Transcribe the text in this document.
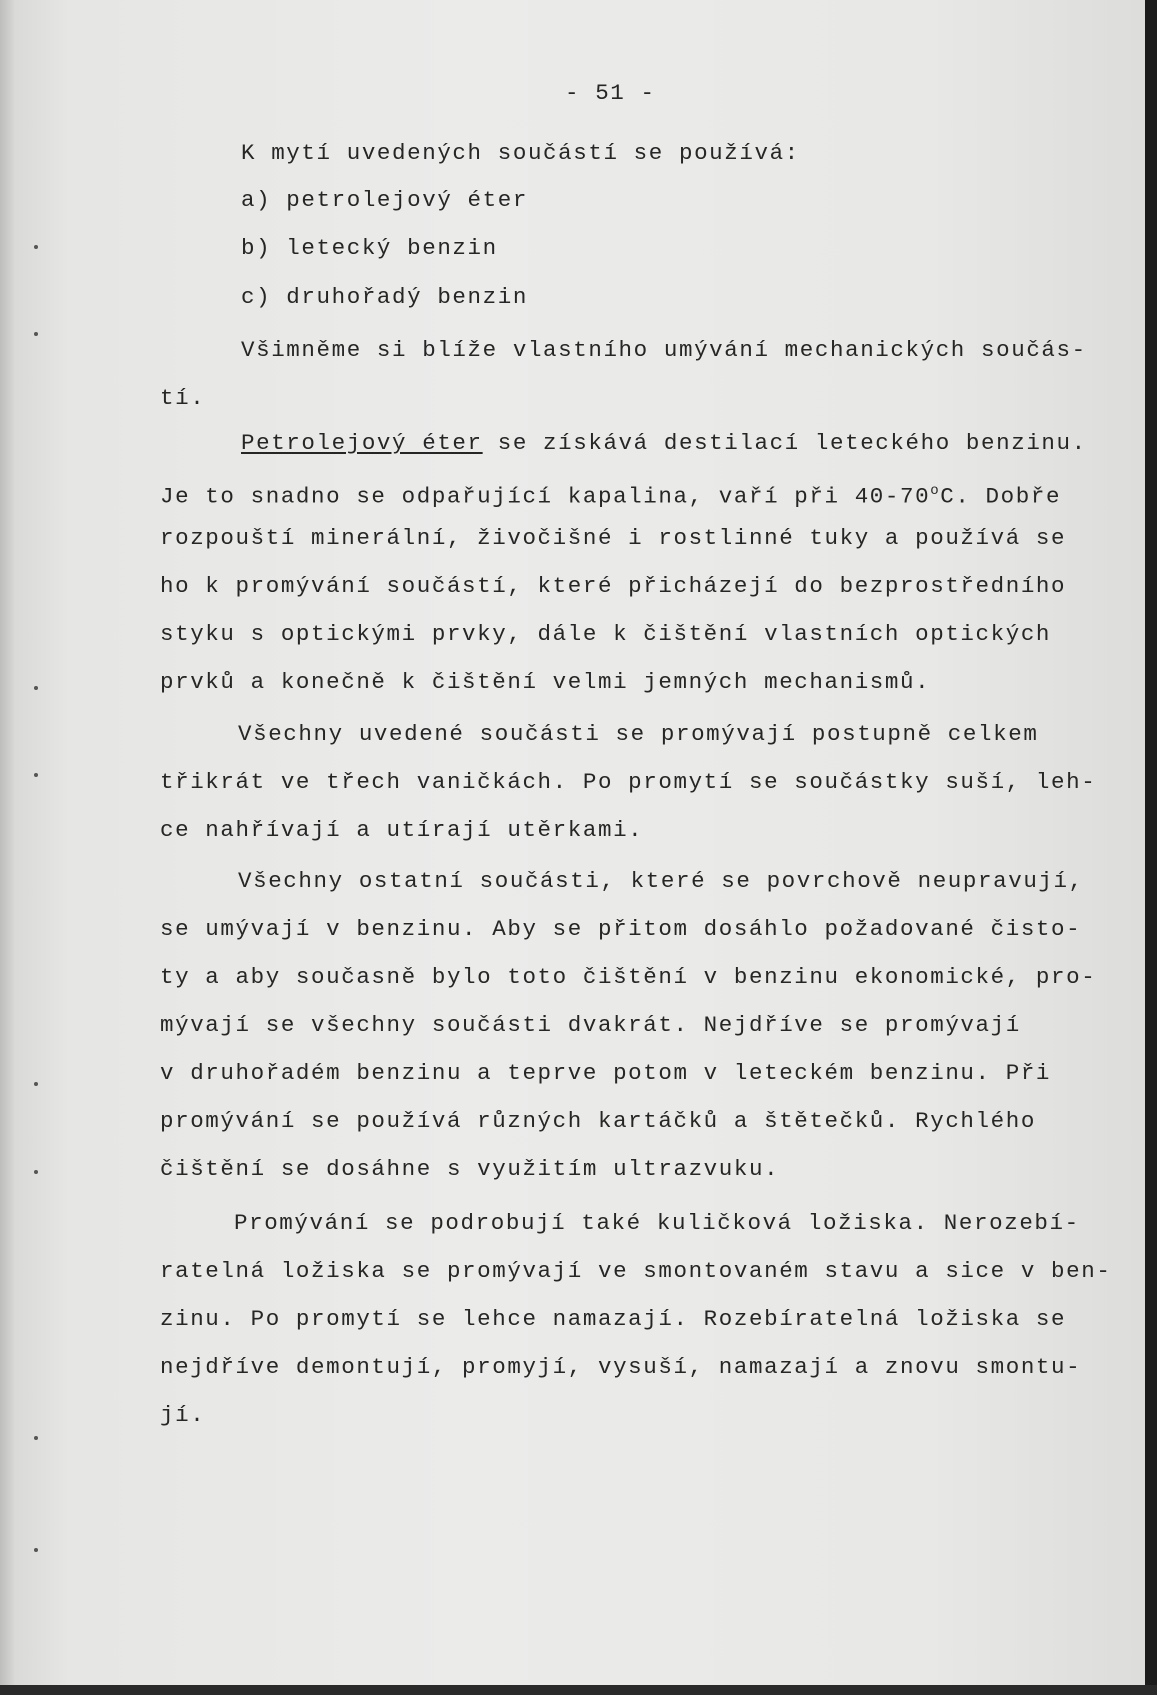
- 51 -

K mytí uvedených součástí se používá:

a) petrolejový éter

b) letecký benzin

c) druhořadý benzin

Všimněme si blíže vlastního umývání mechanických součás-

tí.

Petrolejový éter se získává destilací leteckého benzinu.

Je to snadno se odpařující kapalina, vaří při 40-70$^o$C. Dobře

rozpouští minerální, živočišné i rostlinné tuky a používá se

ho k promývání součástí, které přicházejí do bezprostředního

styku s optickými prvky, dále k čištění vlastních optických

prvků a konečně k čištění velmi jemných mechanismů.

Všechny uvedené součásti se promývají postupně celkem

třikrát ve třech vaničkách. Po promytí se součástky suší, leh-

ce nahřívají a utírají utěrkami.

Všechny ostatní součásti, které se povrchově neupravují,

se umývají v benzinu. Aby se přitom dosáhlo požadované čisto-

ty a aby současně bylo toto čištění v benzinu ekonomické, pro-

mývají se všechny součásti dvakrát. Nejdříve se promývají

v druhořadém benzinu a teprve potom v leteckém benzinu. Při

promývání se používá různých kartáčků a štětečků. Rychlého

čištění se dosáhne s využitím ultrazvuku.

Promývání se podrobují také kuličková ložiska. Nerozebí-

ratelná ložiska se promývají ve smontovaném stavu a sice v ben-

zinu. Po promytí se lehce namazají. Rozebíratelná ložiska se

nejdříve demontují, promyjí, vysuší, namazají a znovu smontu-

jí.
